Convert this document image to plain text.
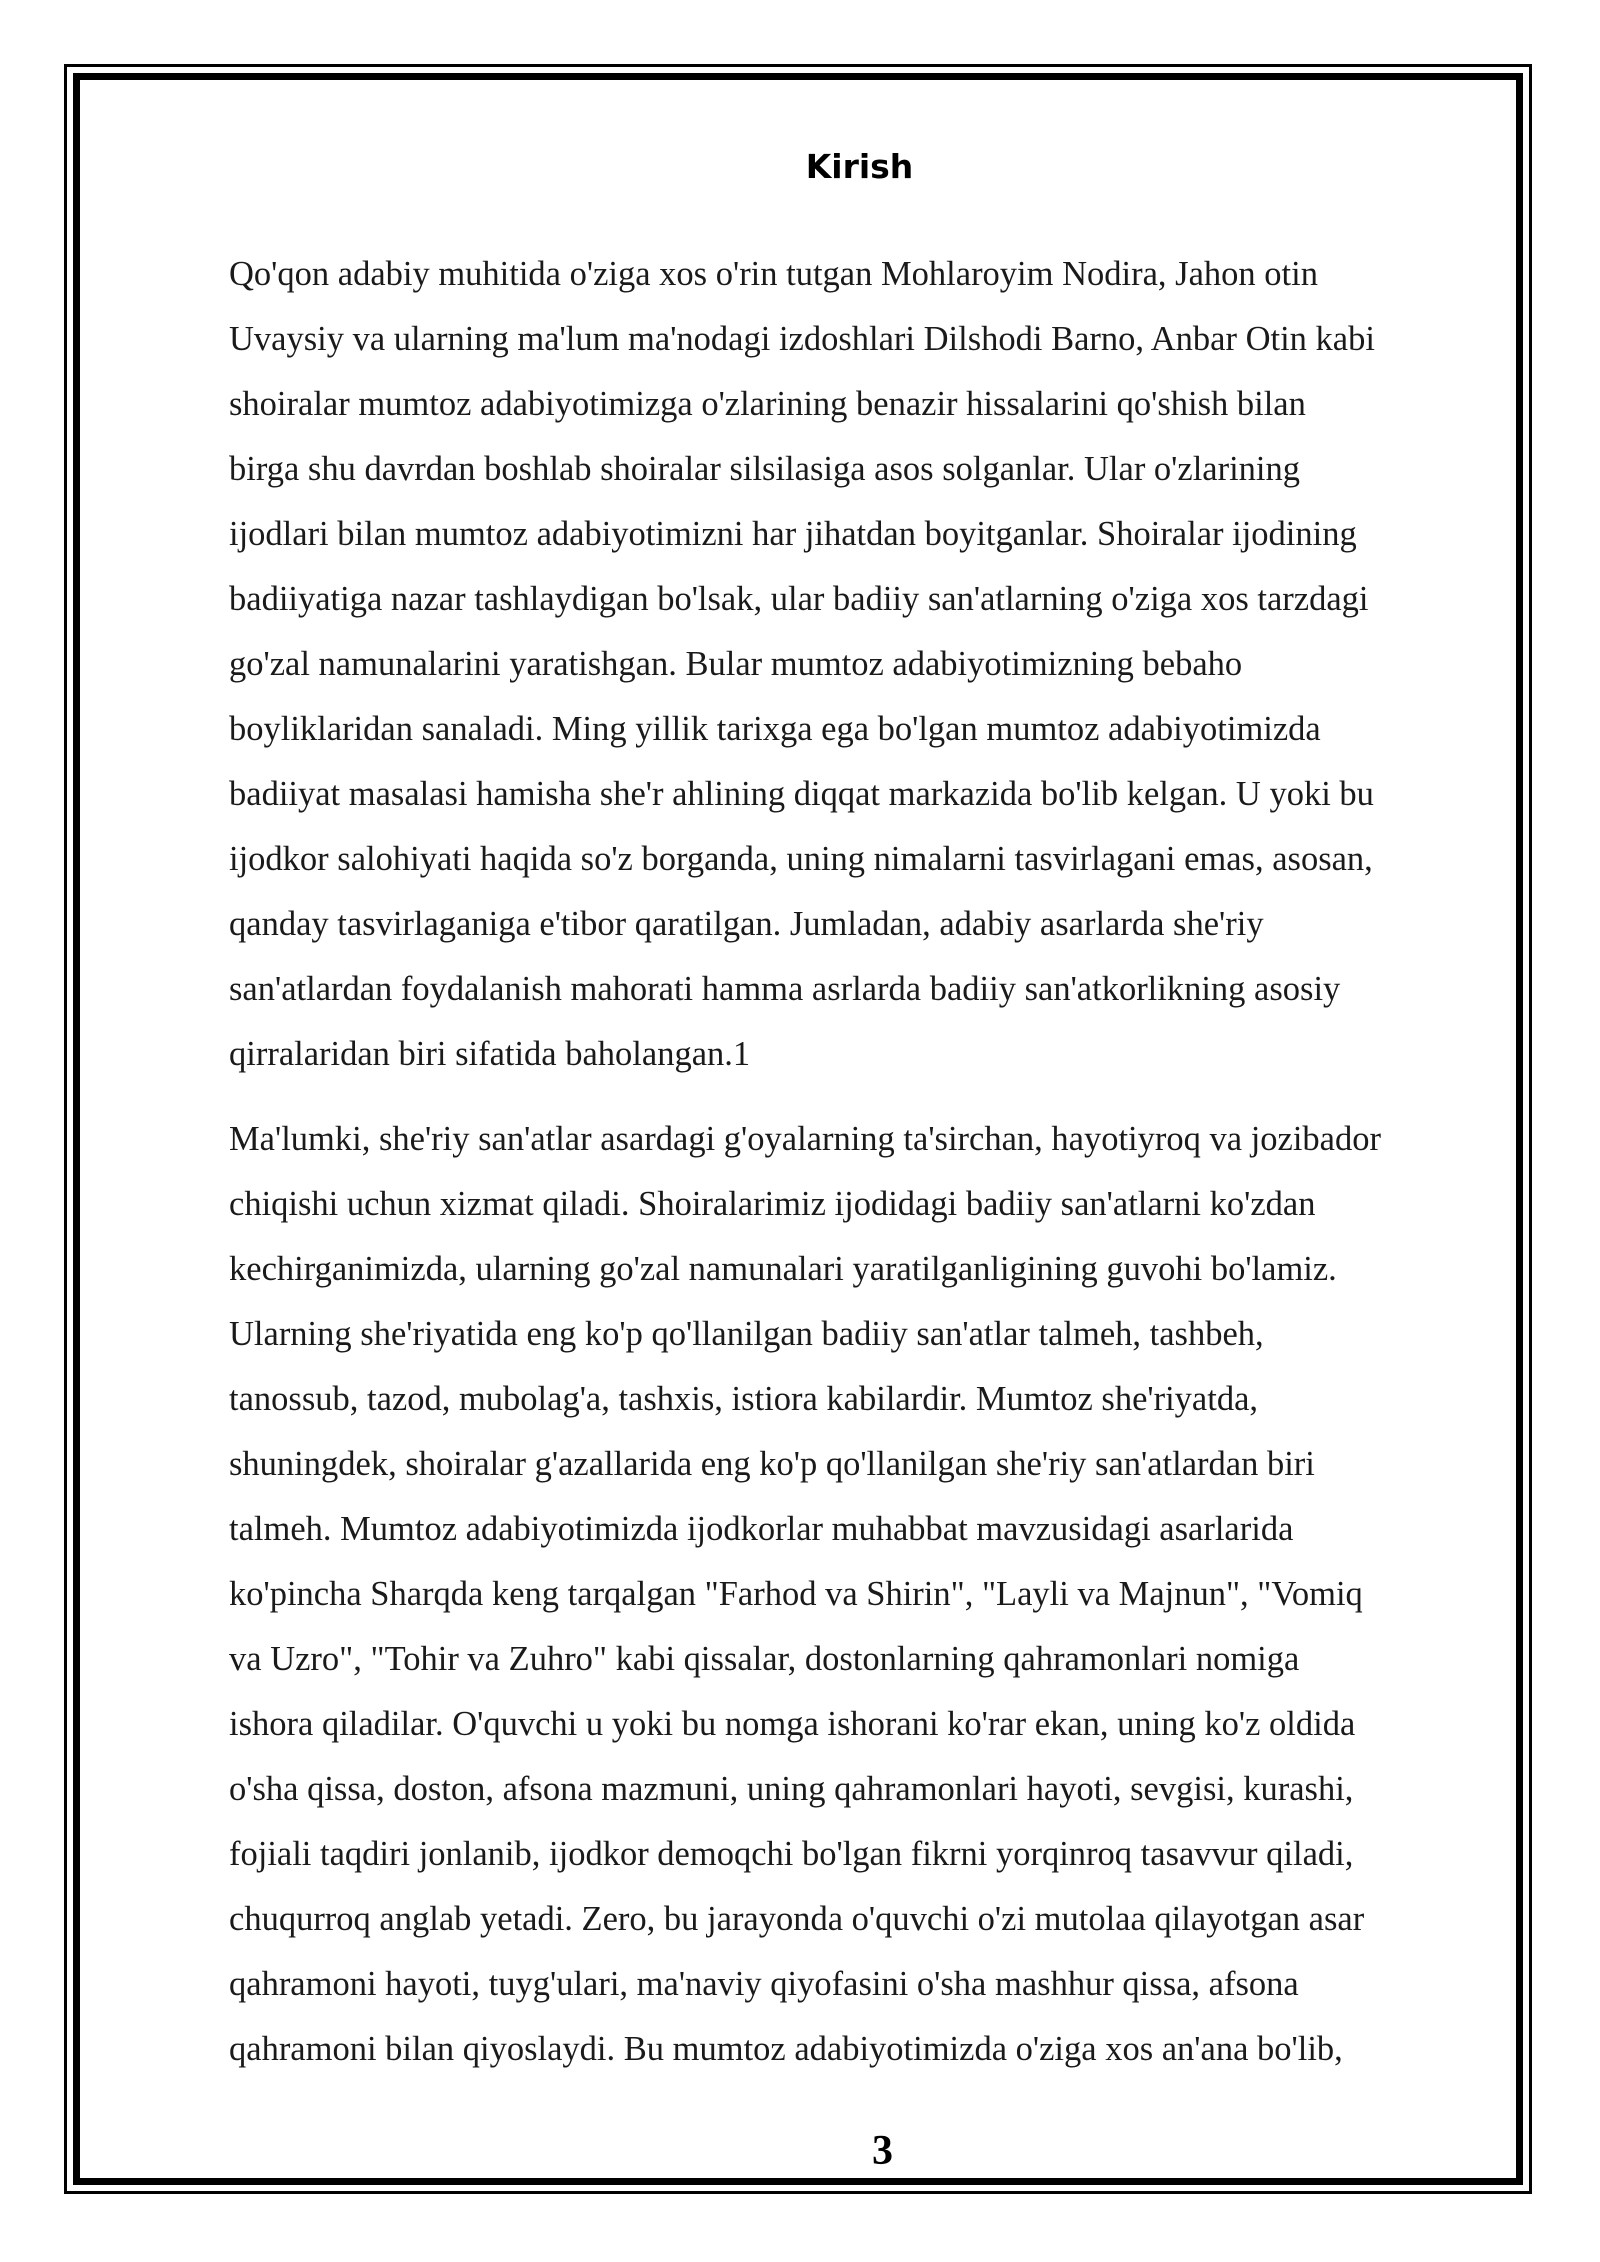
Kirish
Qo'qon adabiy muhitida o'ziga xos o'rin tutgan Mohlaroyim Nodira, Jahon otin
Uvaysiy va ularning ma'lum ma'nodagi izdoshlari Dilshodi Barno, Anbar Otin kabi
shoiralar mumtoz adabiyotimizga o'zlarining benazir hissalarini qo'shish bilan
birga shu davrdan boshlab shoiralar silsilasiga asos solganlar. Ular o'zlarining
ijodlari bilan mumtoz adabiyotimizni har jihatdan boyitganlar. Shoiralar ijodining
badiiyatiga nazar tashlaydigan bo'lsak, ular badiiy san'atlarning o'ziga xos tarzdagi
go'zal namunalarini yaratishgan. Bular mumtoz adabiyotimizning bebaho
boyliklaridan sanaladi. Ming yillik tarixga ega bo'lgan mumtoz adabiyotimizda
badiiyat masalasi hamisha she'r ahlining diqqat markazida bo'lib kelgan. U yoki bu
ijodkor salohiyati haqida so'z borganda, uning nimalarni tasvirlagani emas, asosan,
qanday tasvirlaganiga e'tibor qaratilgan. Jumladan, adabiy asarlarda she'riy
san'atlardan foydalanish mahorati hamma asrlarda badiiy san'atkorlikning asosiy
qirralaridan biri sifatida baholangan.1
Ma'lumki, she'riy san'atlar asardagi g'oyalarning ta'sirchan, hayotiyroq va jozibador
chiqishi uchun xizmat qiladi. Shoiralarimiz ijodidagi badiiy san'atlarni ko'zdan
kechirganimizda, ularning go'zal namunalari yaratilganligining guvohi bo'lamiz.
Ularning she'riyatida eng ko'p qo'llanilgan badiiy san'atlar talmeh, tashbeh,
tanossub, tazod, mubolag'a, tashxis, istiora kabilardir. Mumtoz she'riyatda,
shuningdek, shoiralar g'azallarida eng ko'p qo'llanilgan she'riy san'atlardan biri
talmeh. Mumtoz adabiyotimizda ijodkorlar muhabbat mavzusidagi asarlarida
ko'pincha Sharqda keng tarqalgan "Farhod va Shirin", "Layli va Majnun", "Vomiq
va Uzro", "Tohir va Zuhro" kabi qissalar, dostonlarning qahramonlari nomiga
ishora qiladilar. O'quvchi u yoki bu nomga ishorani ko'rar ekan, uning ko'z oldida
o'sha qissa, doston, afsona mazmuni, uning qahramonlari hayoti, sevgisi, kurashi,
fojiali taqdiri jonlanib, ijodkor demoqchi bo'lgan fikrni yorqinroq tasavvur qiladi,
chuqurroq anglab yetadi. Zero, bu jarayonda o'quvchi o'zi mutolaa qilayotgan asar
qahramoni hayoti, tuyg'ulari, ma'naviy qiyofasini o'sha mashhur qissa, afsona
qahramoni bilan qiyoslaydi. Bu mumtoz adabiyotimizda o'ziga xos an'ana bo'lib,
3
